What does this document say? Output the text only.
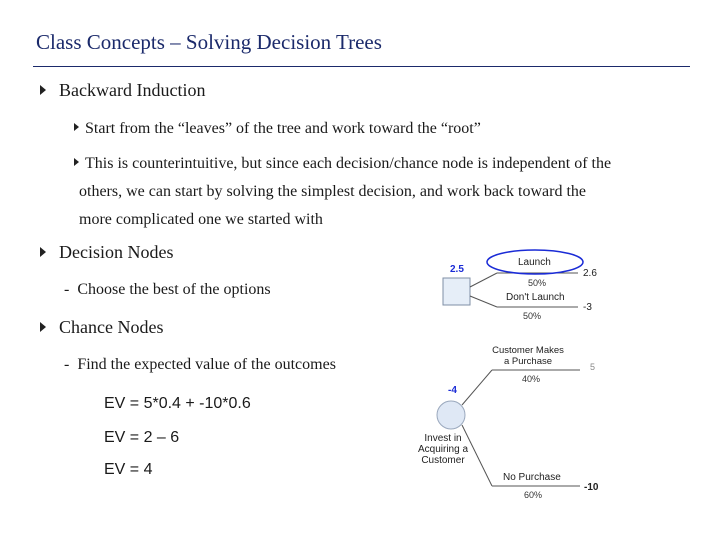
Class Concepts – Solving Decision Trees
Backward Induction
Start from the “leaves” of the tree and work toward the “root”
This is counterintuitive, but since each decision/chance node is independent of the
others, we can start by solving the simplest decision, and work back toward the
more complicated one we started with
Decision Nodes
- Choose the best of the options
Chance Nodes
- Find the expected value of the outcomes
EV = 5*0.4 + -10*0.6
EV = 2 – 6
EV = 4
2.5
Launch
2.6
50%
Don't Launch
-3
50%
-4
Invest in
Acquiring a
Customer
Customer Makes
a Purchase
40%
5
No Purchase
60%
-10
